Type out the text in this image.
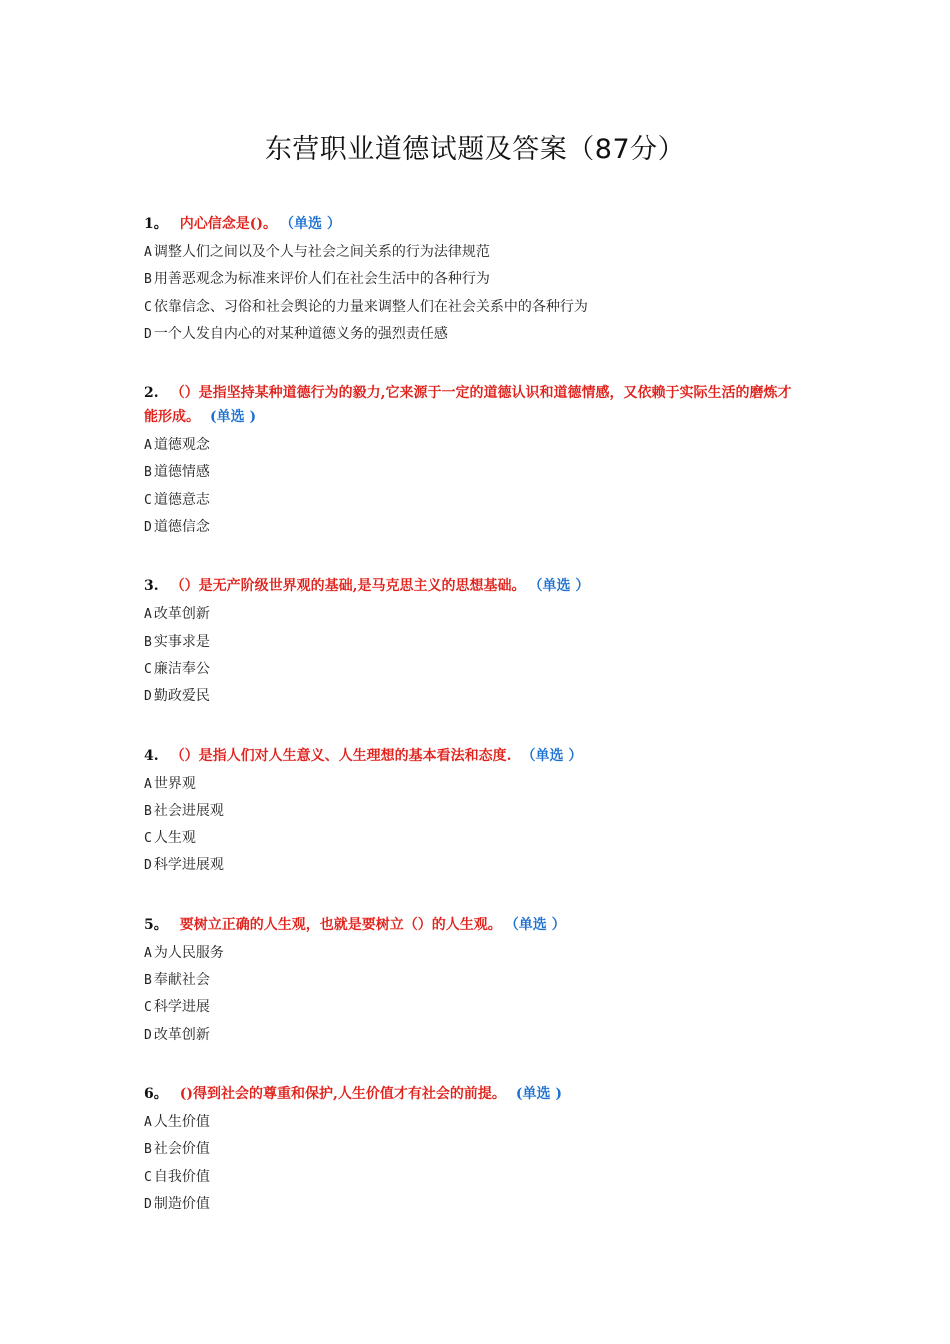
东营职业道德试题及答案（87分）
1。 内心信念是()。 （单选 ）
A 调整人们之间以及个人与社会之间关系的行为法律规范
B 用善恶观念为标准来评价人们在社会生活中的各种行为
C 依靠信念、习俗和社会舆论的力量来调整人们在社会关系中的各种行为
D 一个人发自内心的对某种道德义务的强烈责任感
2. （）是指坚持某种道德行为的毅力,它来源于一定的道德认识和道德情感，又依赖于实际生活的磨炼才能形成。 (单选 )
A 道德观念
B 道德情感
C 道德意志
D 道德信念
3. （）是无产阶级世界观的基础,是马克思主义的思想基础。 （单选 ）
A 改革创新
B 实事求是
C 廉洁奉公
D 勤政爱民
4. （）是指人们对人生意义、人生理想的基本看法和态度. （单选 ）
A 世界观
B 社会进展观
C 人生观
D 科学进展观
5。 要树立正确的人生观，也就是要树立（）的人生观。 （单选 ）
A 为人民服务
B 奉献社会
C 科学进展
D 改革创新
6。 ()得到社会的尊重和保护,人生价值才有社会的前提。 (单选 )
A 人生价值
B 社会价值
C 自我价值
D 制造价值
